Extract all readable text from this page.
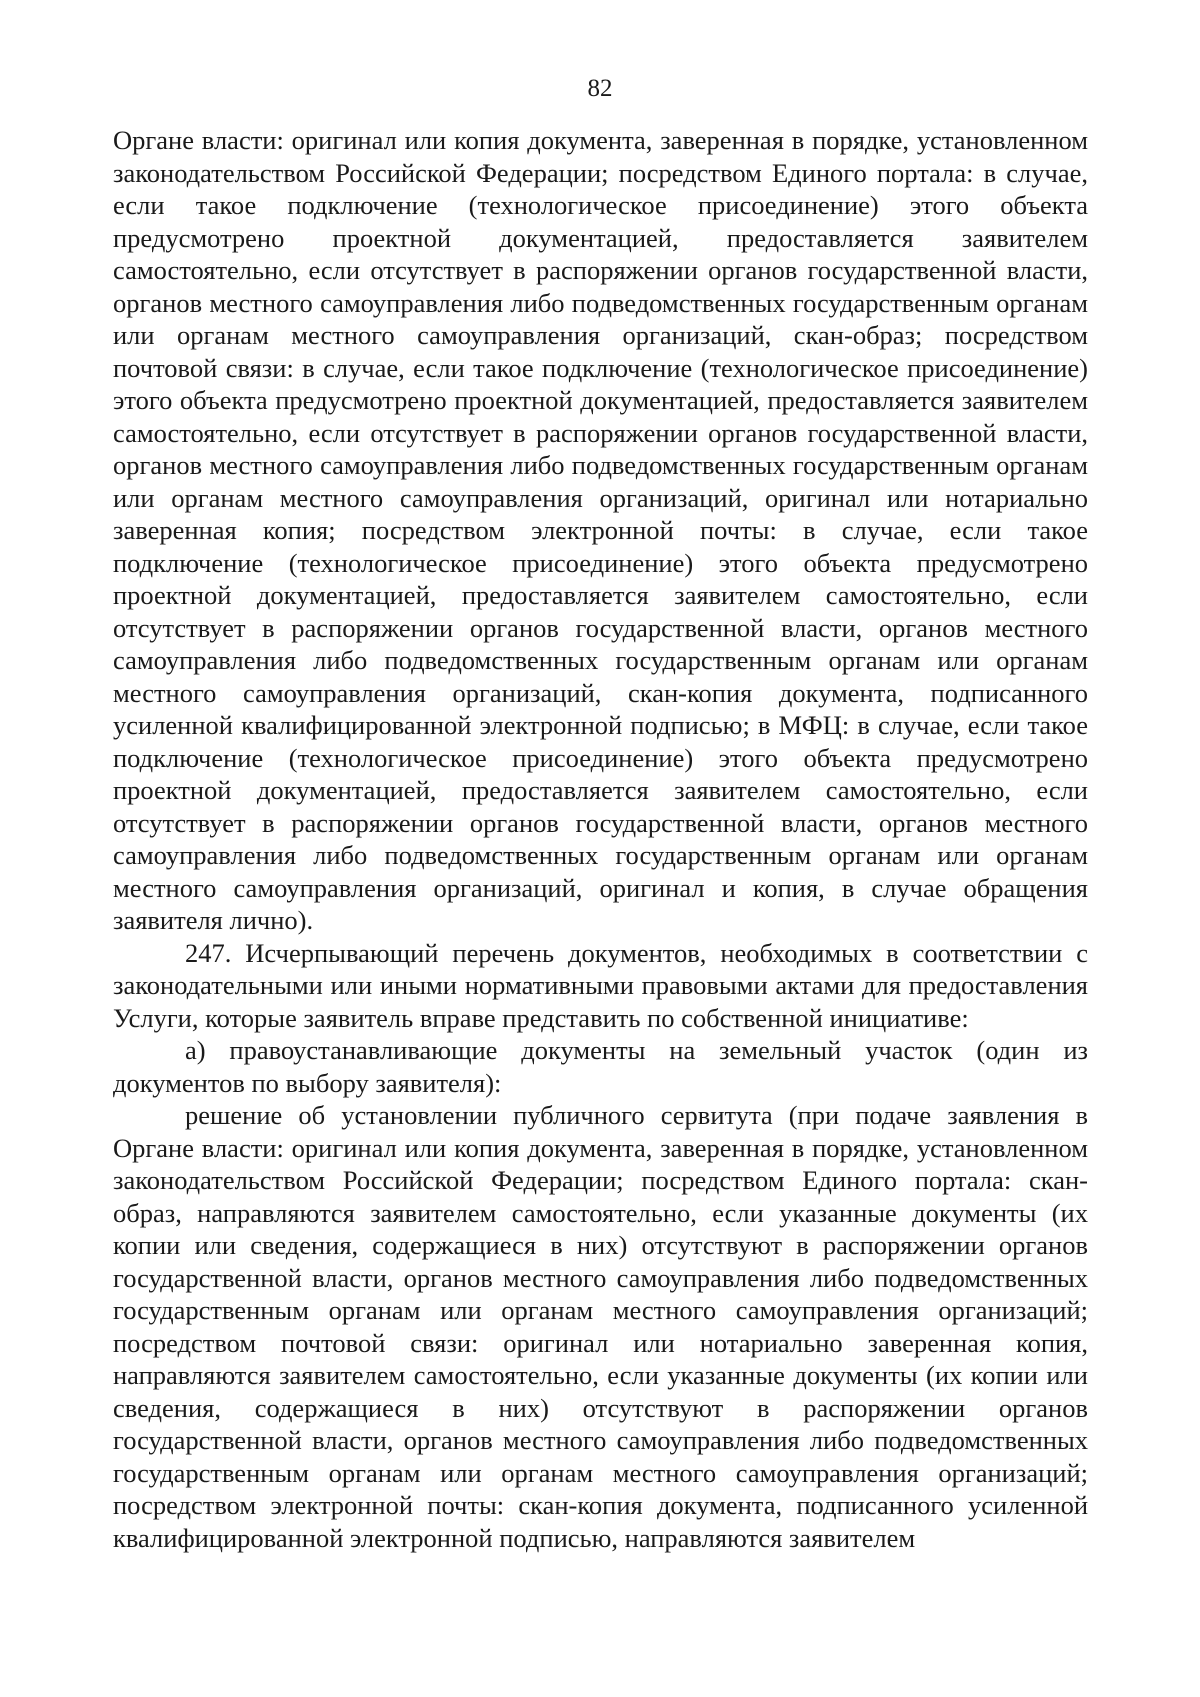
82

Органе власти: оригинал или копия документа, заверенная в порядке, установленном законодательством Российской Федерации; посредством Единого портала: в случае, если такое подключение (технологическое присоединение) этого объекта предусмотрено проектной документацией, предоставляется заявителем самостоятельно, если отсутствует в распоряжении органов государственной власти, органов местного самоуправления либо подведомственных государственным органам или органам местного самоуправления организаций, скан-образ; посредством почтовой связи: в случае, если такое подключение (технологическое присоединение) этого объекта предусмотрено проектной документацией, предоставляется заявителем самостоятельно, если отсутствует в распоряжении органов государственной власти, органов местного самоуправления либо подведомственных государственным органам или органам местного самоуправления организаций, оригинал или нотариально заверенная копия; посредством электронной почты: в случае, если такое подключение (технологическое присоединение) этого объекта предусмотрено проектной документацией, предоставляется заявителем самостоятельно, если отсутствует в распоряжении органов государственной власти, органов местного самоуправления либо подведомственных государственным органам или органам местного самоуправления организаций, скан-копия документа, подписанного усиленной квалифицированной электронной подписью; в МФЦ: в случае, если такое подключение (технологическое присоединение) этого объекта предусмотрено проектной документацией, предоставляется заявителем самостоятельно, если отсутствует в распоряжении органов государственной власти, органов местного самоуправления либо подведомственных государственным органам или органам местного самоуправления организаций, оригинал и копия, в случае обращения заявителя лично).

247. Исчерпывающий перечень документов, необходимых в соответствии с законодательными или иными нормативными правовыми актами для предоставления Услуги, которые заявитель вправе представить по собственной инициативе:

а) правоустанавливающие документы на земельный участок (один из документов по выбору заявителя):

решение об установлении публичного сервитута (при подаче заявления в Органе власти: оригинал или копия документа, заверенная в порядке, установленном законодательством Российской Федерации; посредством Единого портала: скан-образ, направляются заявителем самостоятельно, если указанные документы (их копии или сведения, содержащиеся в них) отсутствуют в распоряжении органов государственной власти, органов местного самоуправления либо подведомственных государственным органам или органам местного самоуправления организаций; посредством почтовой связи: оригинал или нотариально заверенная копия, направляются заявителем самостоятельно, если указанные документы (их копии или сведения, содержащиеся в них) отсутствуют в распоряжении органов государственной власти, органов местного самоуправления либо подведомственных государственным органам или органам местного самоуправления организаций; посредством электронной почты: скан-копия документа, подписанного усиленной квалифицированной электронной подписью, направляются заявителем
